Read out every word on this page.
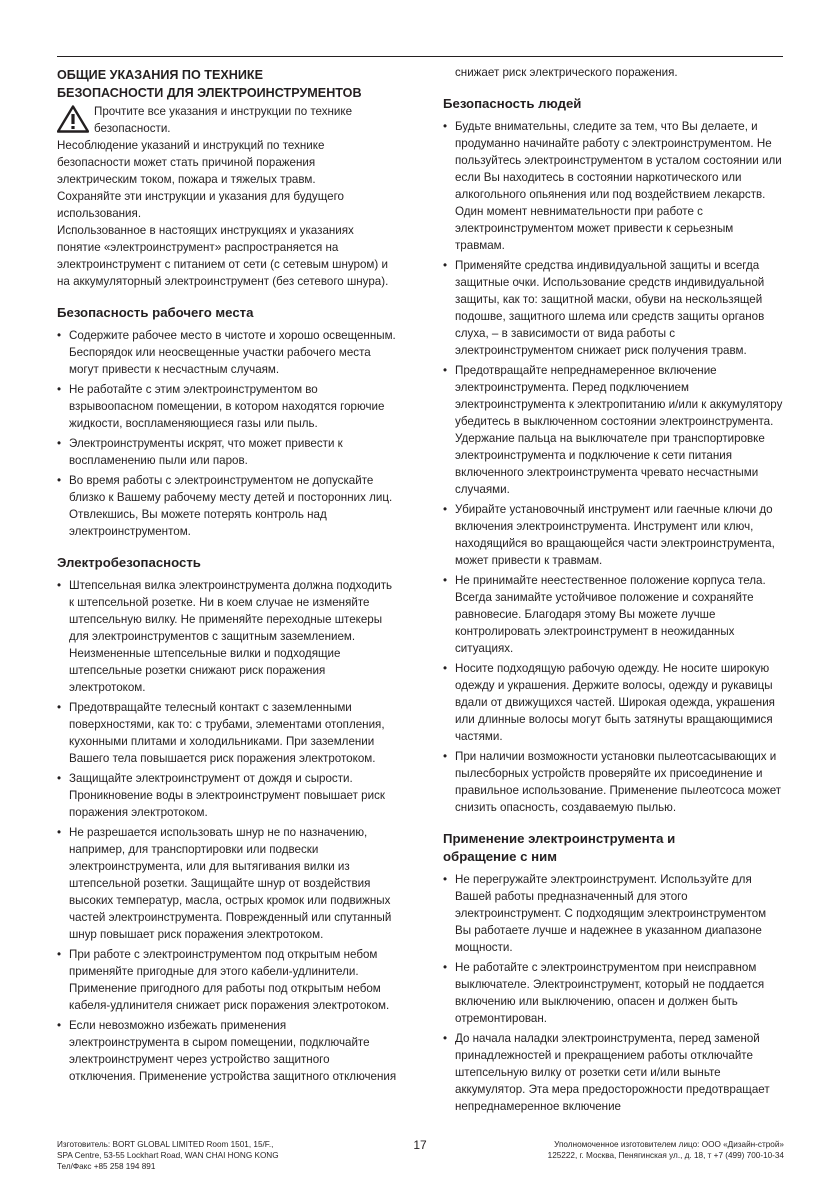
ОБЩИЕ УКАЗАНИЯ ПО ТЕХНИКЕ
БЕЗОПАСНОСТИ ДЛЯ ЭЛЕКТРОИНСТРУМЕНТОВ
Прочтите все указания и инструкции по технике безопасности.

Несоблюдение указаний и инструкций по технике безопасности может стать причиной поражения электрическим током, пожара и тяжелых травм.

Сохраняйте эти инструкции и указания для будущего использования.

Использованное в настоящих инструкциях и указаниях понятие «электроинструмент» распространяется на электроинструмент с питанием от сети (с сетевым шнуром) и на аккумуляторный электроинструмент (без сетевого шнура).

Безопасность рабочего места
• Содержите рабочее место в чистоте и хорошо освещенным. Беспорядок или неосвещенные участки рабочего места могут привести к несчастным случаям.
• Не работайте с этим электроинструментом во взрывоопасном помещении, в котором находятся горючие жидкости, воспламеняющиеся газы или пыль.
• Электроинструменты искрят, что может привести к воспламенению пыли или паров.
• Во время работы с электроинструментом не допускайте близко к Вашему рабочему месту детей и посторонних лиц. Отвлекшись, Вы можете потерять контроль над электроинструментом.
Электробезопасность
• Штепсельная вилка электроинструмента должна подходить к штепсельной розетке. Ни в коем случае не изменяйте штепсельную вилку. Не применяйте переходные штекеры для электроинструментов с защитным заземлением. Неизмененные штепсельные вилки и подходящие штепсельные розетки снижают риск поражения электротоком.
• Предотвращайте телесный контакт с заземленными поверхностями, как то: с трубами, элементами отопления, кухонными плитами и холодильниками. При заземлении Вашего тела повышается риск поражения электротоком.
• Защищайте электроинструмент от дождя и сырости. Проникновение воды в электроинструмент повышает риск поражения электротоком.
• Не разрешается использовать шнур не по назначению, например, для транспортировки или подвески электроинструмента, или для вытягивания вилки из штепсельной розетки. Защищайте шнур от воздействия высоких температур, масла, острых кромок или подвижных частей электроинструмента. Поврежденный или спутанный шнур повышает риск поражения электротоком.
• При работе с электроинструментом под открытым небом применяйте пригодные для этого кабели-удлинители. Применение пригодного для работы под открытым небом кабеля-удлинителя снижает риск поражения электротоком.
• Если невозможно избежать применения электроинструмента в сыром помещении, подключайте электроинструмент через устройство защитного отключения. Применение устройства защитного отключения
снижает риск электрического поражения.
Безопасность людей
• Будьте внимательны, следите за тем, что Вы делаете, и продуманно начинайте работу с электроинструментом. Не пользуйтесь электроинструментом в усталом состоянии или если Вы находитесь в состоянии наркотического или алкогольного опьянения или под воздействием лекарств. Один момент невнимательности при работе с электроинструментом может привести к серьезным травмам.
• Применяйте средства индивидуальной защиты и всегда защитные очки. Использование средств индивидуальной защиты, как то: защитной маски, обуви на нескользящей подошве, защитного шлема или средств защиты органов слуха, – в зависимости от вида работы с электроинструментом снижает риск получения травм.
• Предотвращайте непреднамеренное включение электроинструмента. Перед подключением электроинструмента к электропитанию и/или к аккумулятору убедитесь в выключенном состоянии электроинструмента. Удержание пальца на выключателе при транспортировке электроинструмента и подключение к сети питания включенного электроинструмента чревато несчастными случаями.
• Убирайте установочный инструмент или гаечные ключи до включения электроинструмента. Инструмент или ключ, находящийся во вращающейся части электроинструмента, может привести к травмам.
• Не принимайте неестественное положение корпуса тела. Всегда занимайте устойчивое положение и сохраняйте равновесие. Благодаря этому Вы можете лучше контролировать электроинструмент в неожиданных ситуациях.
• Носите подходящую рабочую одежду. Не носите широкую одежду и украшения. Держите волосы, одежду и рукавицы вдали от движущихся частей. Широкая одежда, украшения или длинные волосы могут быть затянуты вращающимися частями.
• При наличии возможности установки пылеотсасывающих и пылесборных устройств проверяйте их присоединение и правильное использование. Применение пылеотсоса может снизить опасность, создаваемую пылью.
Применение электроинструмента и
обращение с ним
• Не перегружайте электроинструмент. Используйте для Вашей работы предназначенный для этого электроинструмент. С подходящим электроинструментом Вы работаете лучше и надежнее в указанном диапазоне мощности.
• Не работайте с электроинструментом при неисправном выключателе. Электроинструмент, который не поддается включению или выключению, опасен и должен быть отремонтирован.
• До начала наладки электроинструмента, перед заменой принадлежностей и прекращением работы отключайте штепсельную вилку от розетки сети и/или выньте аккумулятор. Эта мера предосторожности предотвращает непреднамеренное включение
Изготовитель: BORT GLOBAL LIMITED Room 1501, 15/F.,
SPA Centre, 53-55 Lockhart Road, WAN CHAI HONG KONG
Тел/Факс +85 258 194 891
17	Уполномоченное изготовителем лицо: ООО «Дизайн-строй»
125222, г. Москва, Пенягинская ул., д. 18, т +7 (499) 700-10-34
